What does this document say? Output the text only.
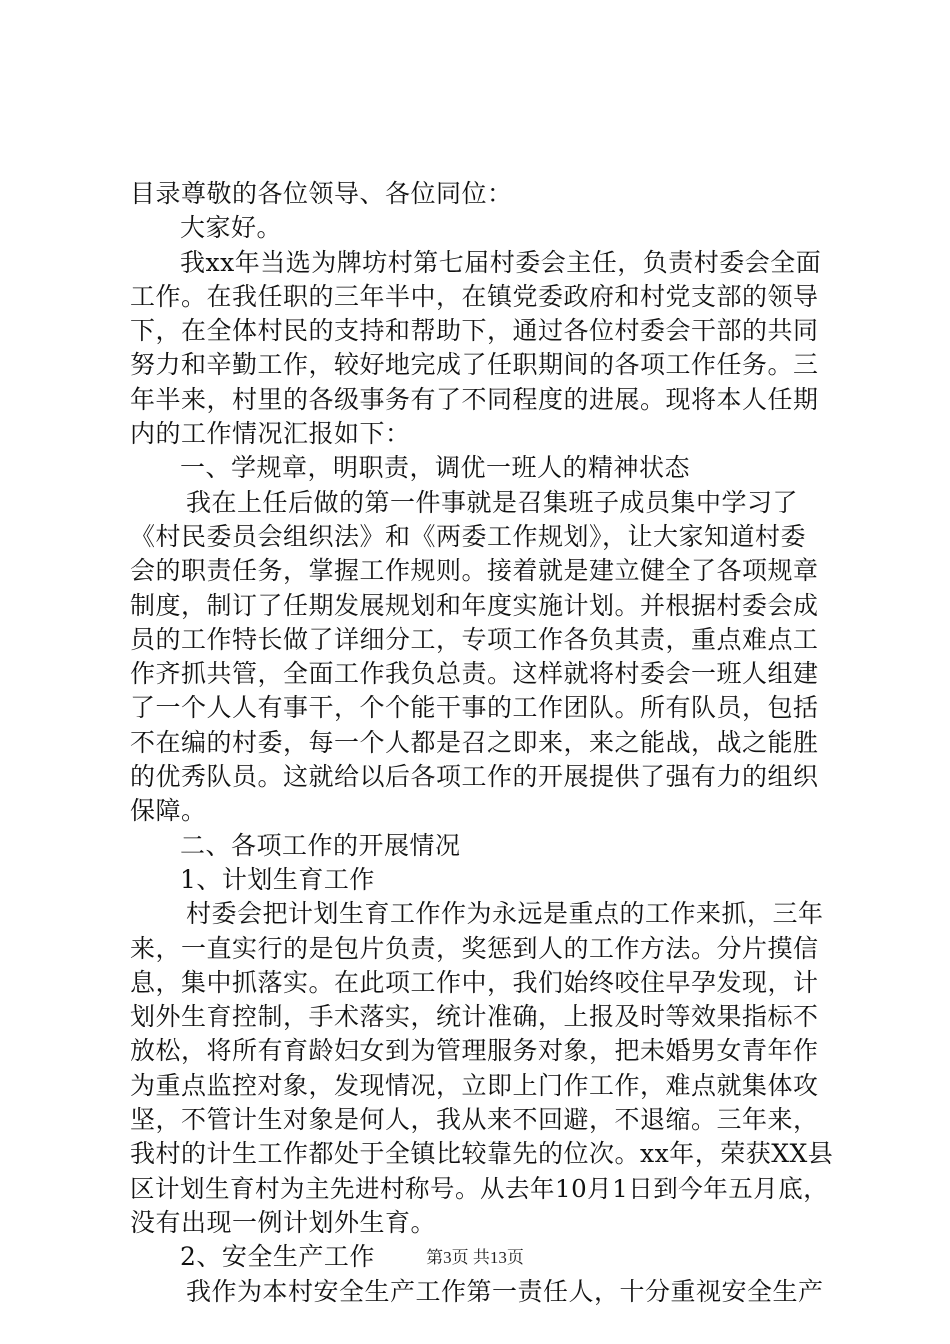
目录尊敬的各位领导、各位同位：
大家好。
我xx年当选为牌坊村第七届村委会主任，负责村委会全面
工作。在我任职的三年半中，在镇党委政府和村党支部的领导
下，在全体村民的支持和帮助下，通过各位村委会干部的共同
努力和辛勤工作，较好地完成了任职期间的各项工作任务。三
年半来，村里的各级事务有了不同程度的进展。现将本人任期
内的工作情况汇报如下：
一、学规章，明职责，调优一班人的精神状态
我在上任后做的第一件事就是召集班子成员集中学习了
《村民委员会组织法》和《两委工作规划》，让大家知道村委
会的职责任务，掌握工作规则。接着就是建立健全了各项规章
制度，制订了任期发展规划和年度实施计划。并根据村委会成
员的工作特长做了详细分工，专项工作各负其责，重点难点工
作齐抓共管，全面工作我负总责。这样就将村委会一班人组建
了一个人人有事干，个个能干事的工作团队。所有队员，包括
不在编的村委，每一个人都是召之即来，来之能战，战之能胜
的优秀队员。这就给以后各项工作的开展提供了强有力的组织
保障。
二、各项工作的开展情况
1、计划生育工作
村委会把计划生育工作作为永远是重点的工作来抓，三年
来，一直实行的是包片负责，奖惩到人的工作方法。分片摸信
息，集中抓落实。在此项工作中，我们始终咬住早孕发现，计
划外生育控制，手术落实，统计准确，上报及时等效果指标不
放松，将所有育龄妇女到为管理服务对象，把未婚男女青年作
为重点监控对象，发现情况，立即上门作工作，难点就集体攻
坚，不管计生对象是何人，我从来不回避，不退缩。三年来，
我村的计生工作都处于全镇比较靠先的位次。xx年，荣获XX县
区计划生育村为主先进村称号。从去年10月1日到今年五月底，
没有出现一例计划外生育。
2、安全生产工作
我作为本村安全生产工作第一责任人，十分重视安全生产
第3页 共13页
